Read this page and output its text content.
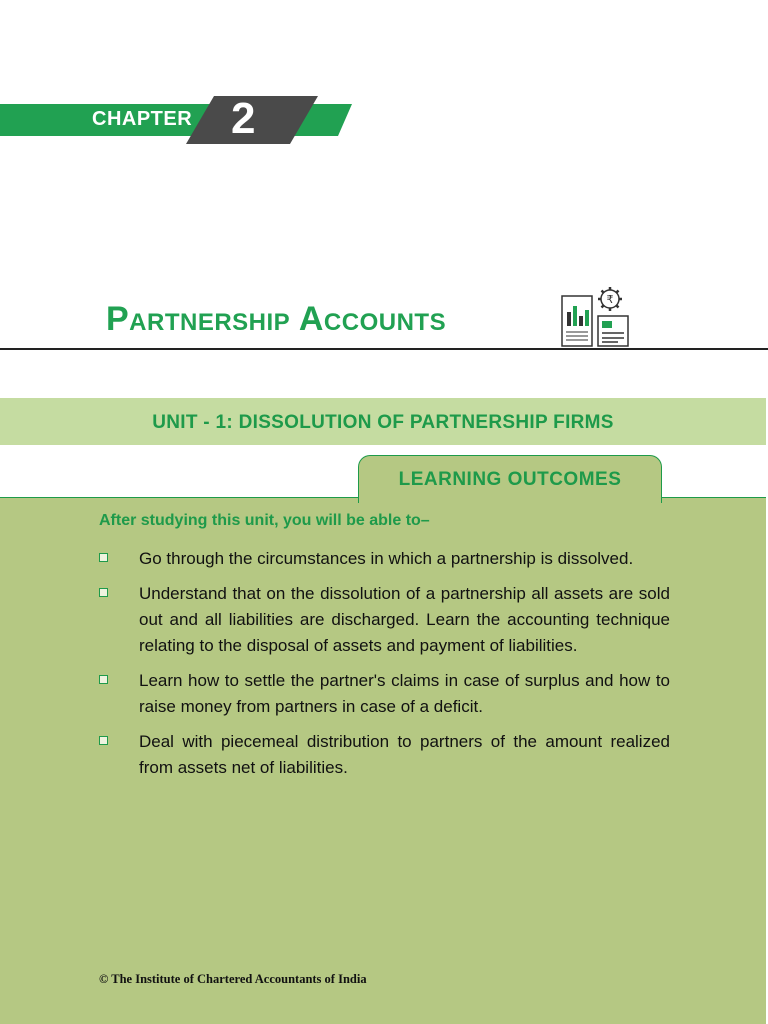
CHAPTER 2
Partnership Accounts
₹
UNIT - 1: DISSOLUTION OF PARTNERSHIP FIRMS
LEARNING OUTCOMES
After studying this unit, you will be able to–
Go through the circumstances in which a partnership is dissolved.
Understand that on the dissolution of a partnership all assets are sold out and all liabilities are discharged. Learn the accounting technique relating to the disposal of assets and payment of liabilities.
Learn how to settle the partner's claims in case of surplus and how to raise money from partners in case of a deficit.
Deal with piecemeal distribution to partners of the amount realized from assets net of liabilities.
© The Institute of Chartered Accountants of India
